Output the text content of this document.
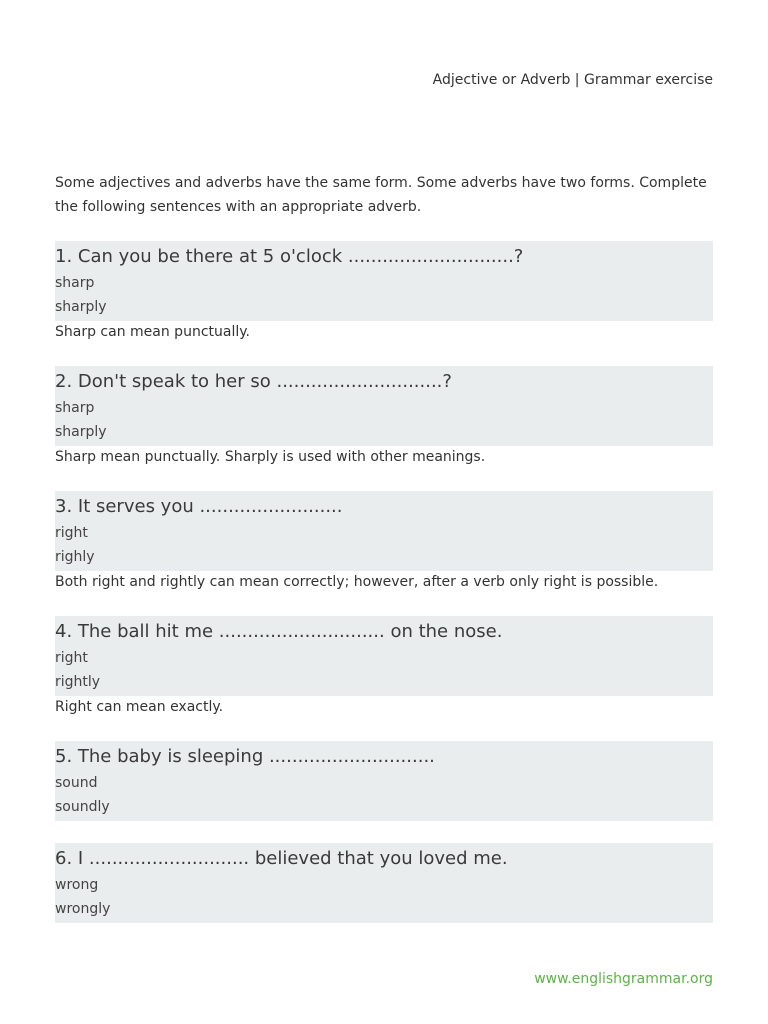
Adjective or Adverb | Grammar exercise
Some adjectives and adverbs have the same form. Some adverbs have two forms. Complete the following sentences with an appropriate adverb.
1. Can you be there at 5 o'clock .............................?
sharp
sharply
Sharp can mean punctually.
2. Don't speak to her so .............................?
sharp
sharply
Sharp mean punctually. Sharply is used with other meanings.
3. It serves you .........................
right
righly
Both right and rightly can mean correctly; however, after a verb only right is possible.
4. The ball hit me ............................. on the nose.
right
rightly
Right can mean exactly.
5. The baby is sleeping .............................
sound
soundly
6. I ............................ believed that you loved me.
wrong
wrongly
www.englishgrammar.org
